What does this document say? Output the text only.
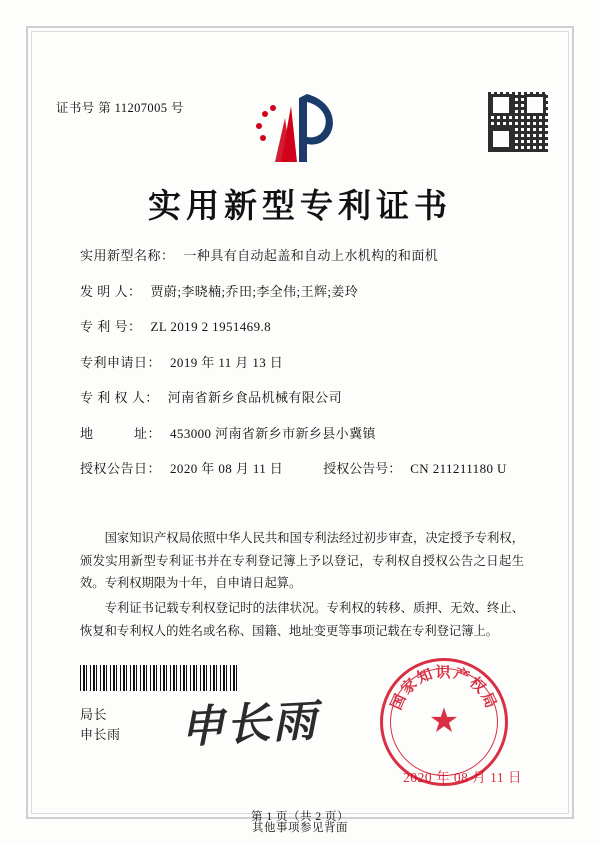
证书号 第 11207005 号
实用新型专利证书
实用新型名称： 一种具有自动起盖和自动上水机构的和面机
发 明 人： 贾蔚;李晓楠;乔田;李全伟;王辉;姜玲
专 利 号： ZL 2019 2 1951469.8
专利申请日： 2019 年 11 月 13 日
专 利 权 人： 河南省新乡食品机械有限公司
地　　　址： 453000 河南省新乡市新乡县小冀镇
授权公告日： 2020 年 08 月 11 日	授权公告号： CN 211211180 U

国家知识产权局依照中华人民共和国专利法经过初步审查，决定授予专利权，颁发实用新型专利证书并在专利登记簿上予以登记，专利权自授权公告之日起生效。专利权期限为十年，自申请日起算。

专利证书记载专利权登记时的法律状况。专利权的转移、质押、无效、终止、恢复和专利权人的姓名或名称、国籍、地址变更等事项记载在专利登记簿上。

局长
申长雨 申长雨	国家知识产权局
★
2020 年 08 月 11 日
第 1 页（共 2 页）
其他事项参见背面
